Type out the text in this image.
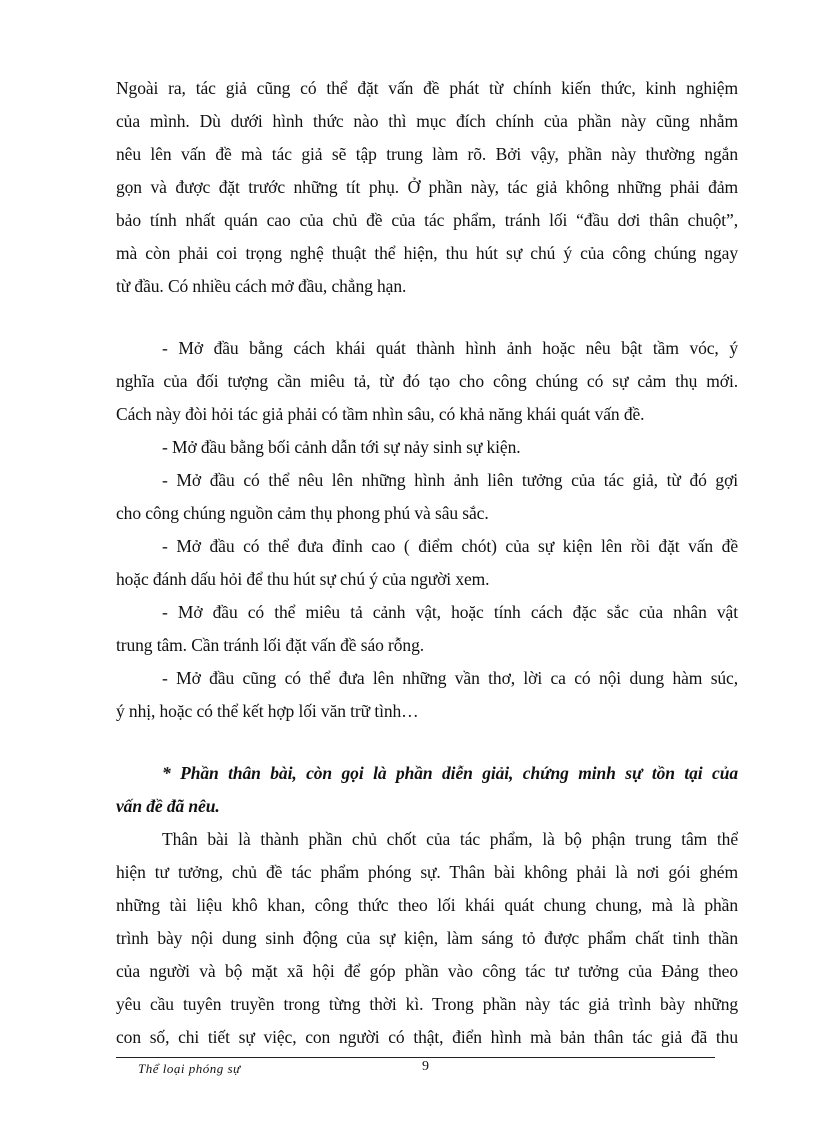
Ngoài ra, tác giả cũng có thể đặt vấn đề phát từ chính kiến thức, kinh nghiệm
của mình. Dù dưới hình thức nào thì mục đích chính của phần này cũng nhằm
nêu lên vấn đề mà tác giả sẽ tập trung làm rõ. Bởi vậy, phần này thường ngắn
gọn và được đặt trước những tít phụ. Ở phần này, tác giả không những phải đảm
bảo tính nhất quán cao của chủ đề của tác phẩm, tránh lối “đầu dơi thân chuột”,
mà còn phải coi trọng nghệ thuật thể hiện, thu hút sự chú ý của công chúng ngay
từ đầu. Có nhiều cách mở đầu, chẳng hạn.
- Mở đầu bằng cách khái quát thành hình ảnh hoặc nêu bật tầm vóc, ý
nghĩa của đối tượng cần miêu tả, từ đó tạo cho công chúng có sự cảm thụ mới.
Cách này đòi hỏi tác giả phải có tầm nhìn sâu, có khả năng khái quát vấn đề.
- Mở đầu bằng bối cảnh dẫn tới sự nảy sinh sự kiện.
- Mở đầu có thể nêu lên những hình ảnh liên tưởng của tác giả, từ đó gợi
cho công chúng nguồn cảm thụ phong phú và sâu sắc.
- Mở đầu có thể đưa đỉnh cao ( điểm chót) của sự kiện lên rồi đặt vấn đề
hoặc đánh dấu hỏi để thu hút sự chú ý của người xem.
- Mở đầu có thể miêu tả cảnh vật, hoặc tính cách đặc sắc của nhân vật
trung tâm. Cần tránh lối đặt vấn đề sáo rỗng.
- Mở đầu cũng có thể đưa lên những vần thơ, lời ca có nội dung hàm súc,
ý nhị, hoặc có thể kết hợp lối văn trữ tình…
* Phần thân bài, còn gọi là phần diễn giải, chứng minh sự tồn tại của
vấn đề đã nêu.
Thân bài là thành phần chủ chốt của tác phẩm, là bộ phận trung tâm thể
hiện tư tưởng, chủ đề tác phẩm phóng sự. Thân bài không phải là nơi gói ghém
những tài liệu khô khan, công thức theo lối khái quát chung chung, mà là phần
trình bày nội dung sinh động của sự kiện, làm sáng tỏ được phẩm chất tinh thần
của người và bộ mặt xã hội để góp phần vào công tác tư tưởng của Đảng theo
yêu cầu tuyên truyền trong từng thời kì. Trong phần này tác giả trình bày những
con số, chi tiết sự việc, con người có thật, điển hình mà bản thân tác giả đã thu
Thể loại phóng sự	9
